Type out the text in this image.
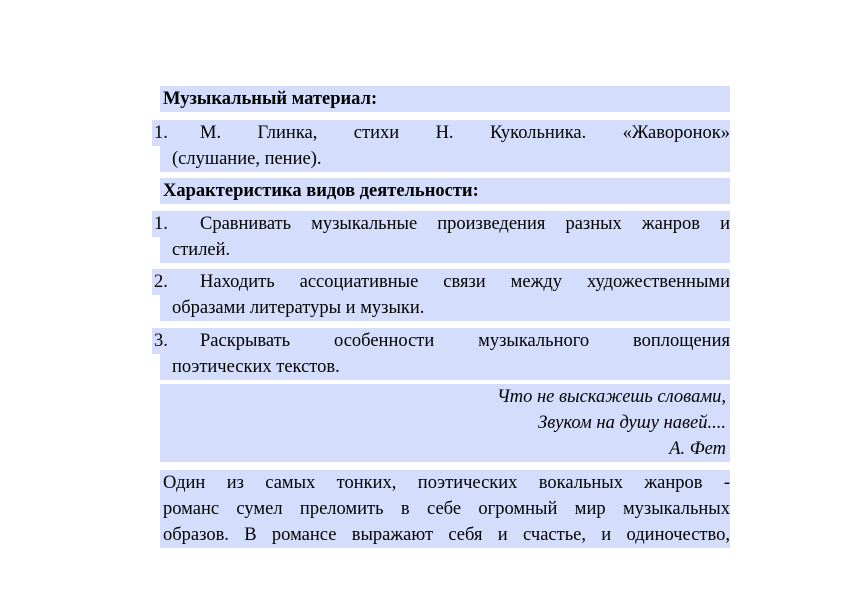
Музыкальный материал:
1.	М. Глинка, стихи Н. Кукольника. «Жаворонок»
(слушание, пение).
Характеристика видов деятельности:
1.	Сравнивать музыкальные произведения разных жанров и
стилей.
2.	Находить ассоциативные связи между художественными
образами литературы и музыки.
3.	Раскрывать особенности музыкального воплощения
поэтических текстов.
Что не выскажешь словами,
Звуком на душу навей....
А. Фет
Один из самых тонких, поэтических вокальных жанров -
романс сумел преломить в себе огромный мир музыкальных
образов. В романсе выражают себя и счастье, и одиночество,
